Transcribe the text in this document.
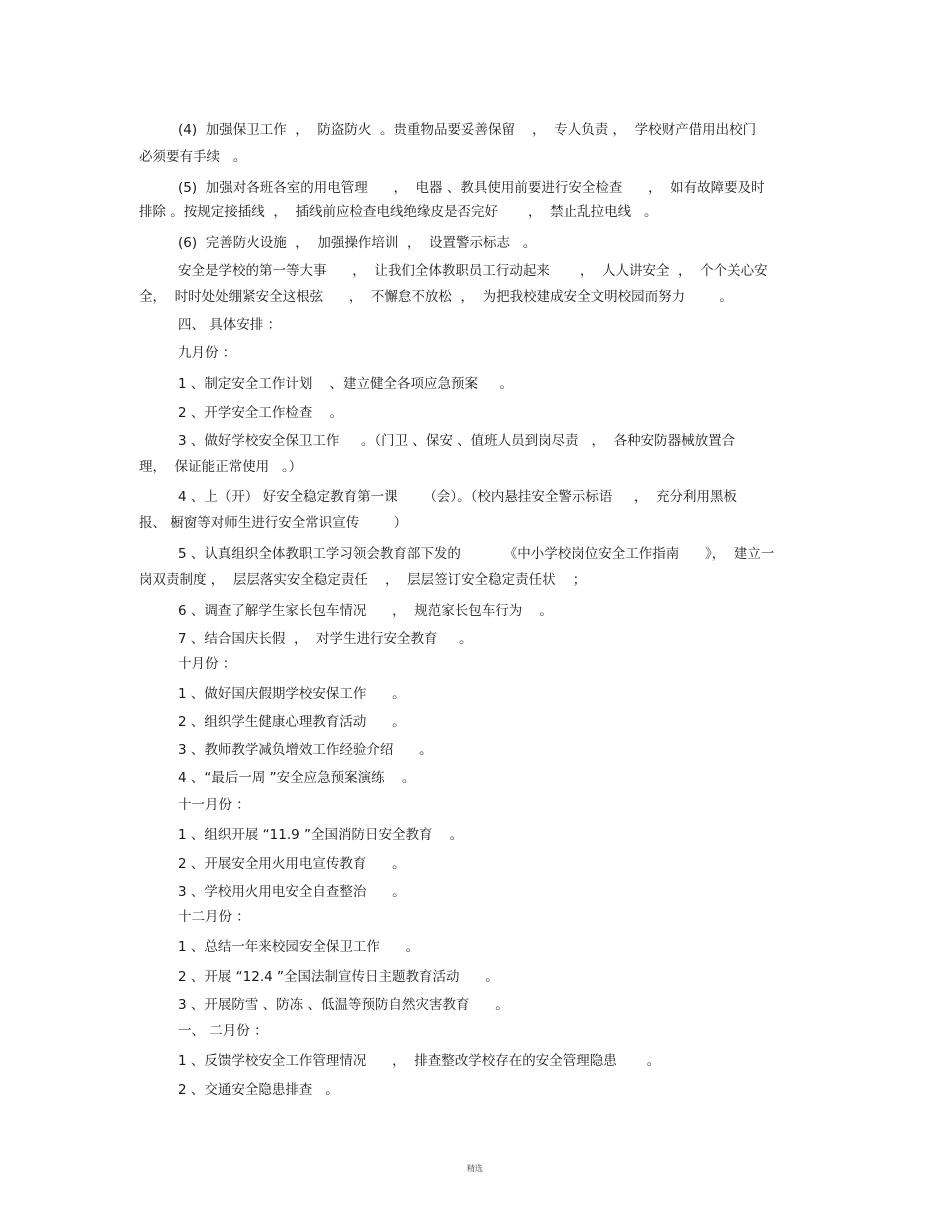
(4)  加强保卫工作  ，  防盗防火  。贵重物品要妥善保留    ，  专人负责 ，  学校财产借用出校门
必须要有手续   。
(5)  加强对各班各室的用电管理      ，  电器 、教具使用前要进行安全检查      ，  如有故障要及时
排除 。按规定接插线  ，  插线前应检查电线绝缘皮是否完好       ，  禁止乱拉电线   。
(6)  完善防火设施  ，  加强操作培训  ，  设置警示标志   。
安全是学校的第一等大事      ，  让我们全体教职员工行动起来       ，  人人讲安全  ，  个个关心安
全，  时时处处绷紧安全这根弦      ，  不懈怠不放松  ，  为把我校建成安全文明校园而努力        。
四、 具体安排 ：
九月份 ：
1 、制定安全工作计划    、建立健全各项应急预案     。
2 、开学安全工作检查    。
3 、做好学校安全保卫工作     。（门卫 、保安 、值班人员到岗尽责   ，  各种安防器械放置合
理，  保证能正常使用   。）
4 、上（开） 好安全稳定教育第一课      （会）。（校内悬挂安全警示标语     ，  充分利用黑板
报、 橱窗等对师生进行安全常识宣传        ）
5 、认真组织全体教职工学习领会教育部下发的          《中小学校岗位安全工作指南      》，  建立一
岗双责制度 ，  层层落实安全稳定责任    ，  层层签订安全稳定责任状    ；
6 、调查了解学生家长包车情况      ，  规范家长包车行为    。
7 、结合国庆长假  ，  对学生进行安全教育     。
十月份 ：
1 、做好国庆假期学校安保工作      。
2 、组织学生健康心理教育活动      。
3 、教师教学减负增效工作经验介绍      。
4 、“最后一周 ”安全应急预案演练    。
十一月份 ：
1 、组织开展 “11.9 ”全国消防日安全教育    。
2 、开展安全用火用电宣传教育      。
3 、学校用火用电安全自查整治      。
十二月份 ：
1 、总结一年来校园安全保卫工作      。
2 、开展 “12.4 ”全国法制宣传日主题教育活动      。
3 、开展防雪 、防冻 、低温等预防自然灾害教育      。
一、 二月份 ：
1 、反馈学校安全工作管理情况      ，  排查整改学校存在的安全管理隐患       。
2 、交通安全隐患排查   。
精选
